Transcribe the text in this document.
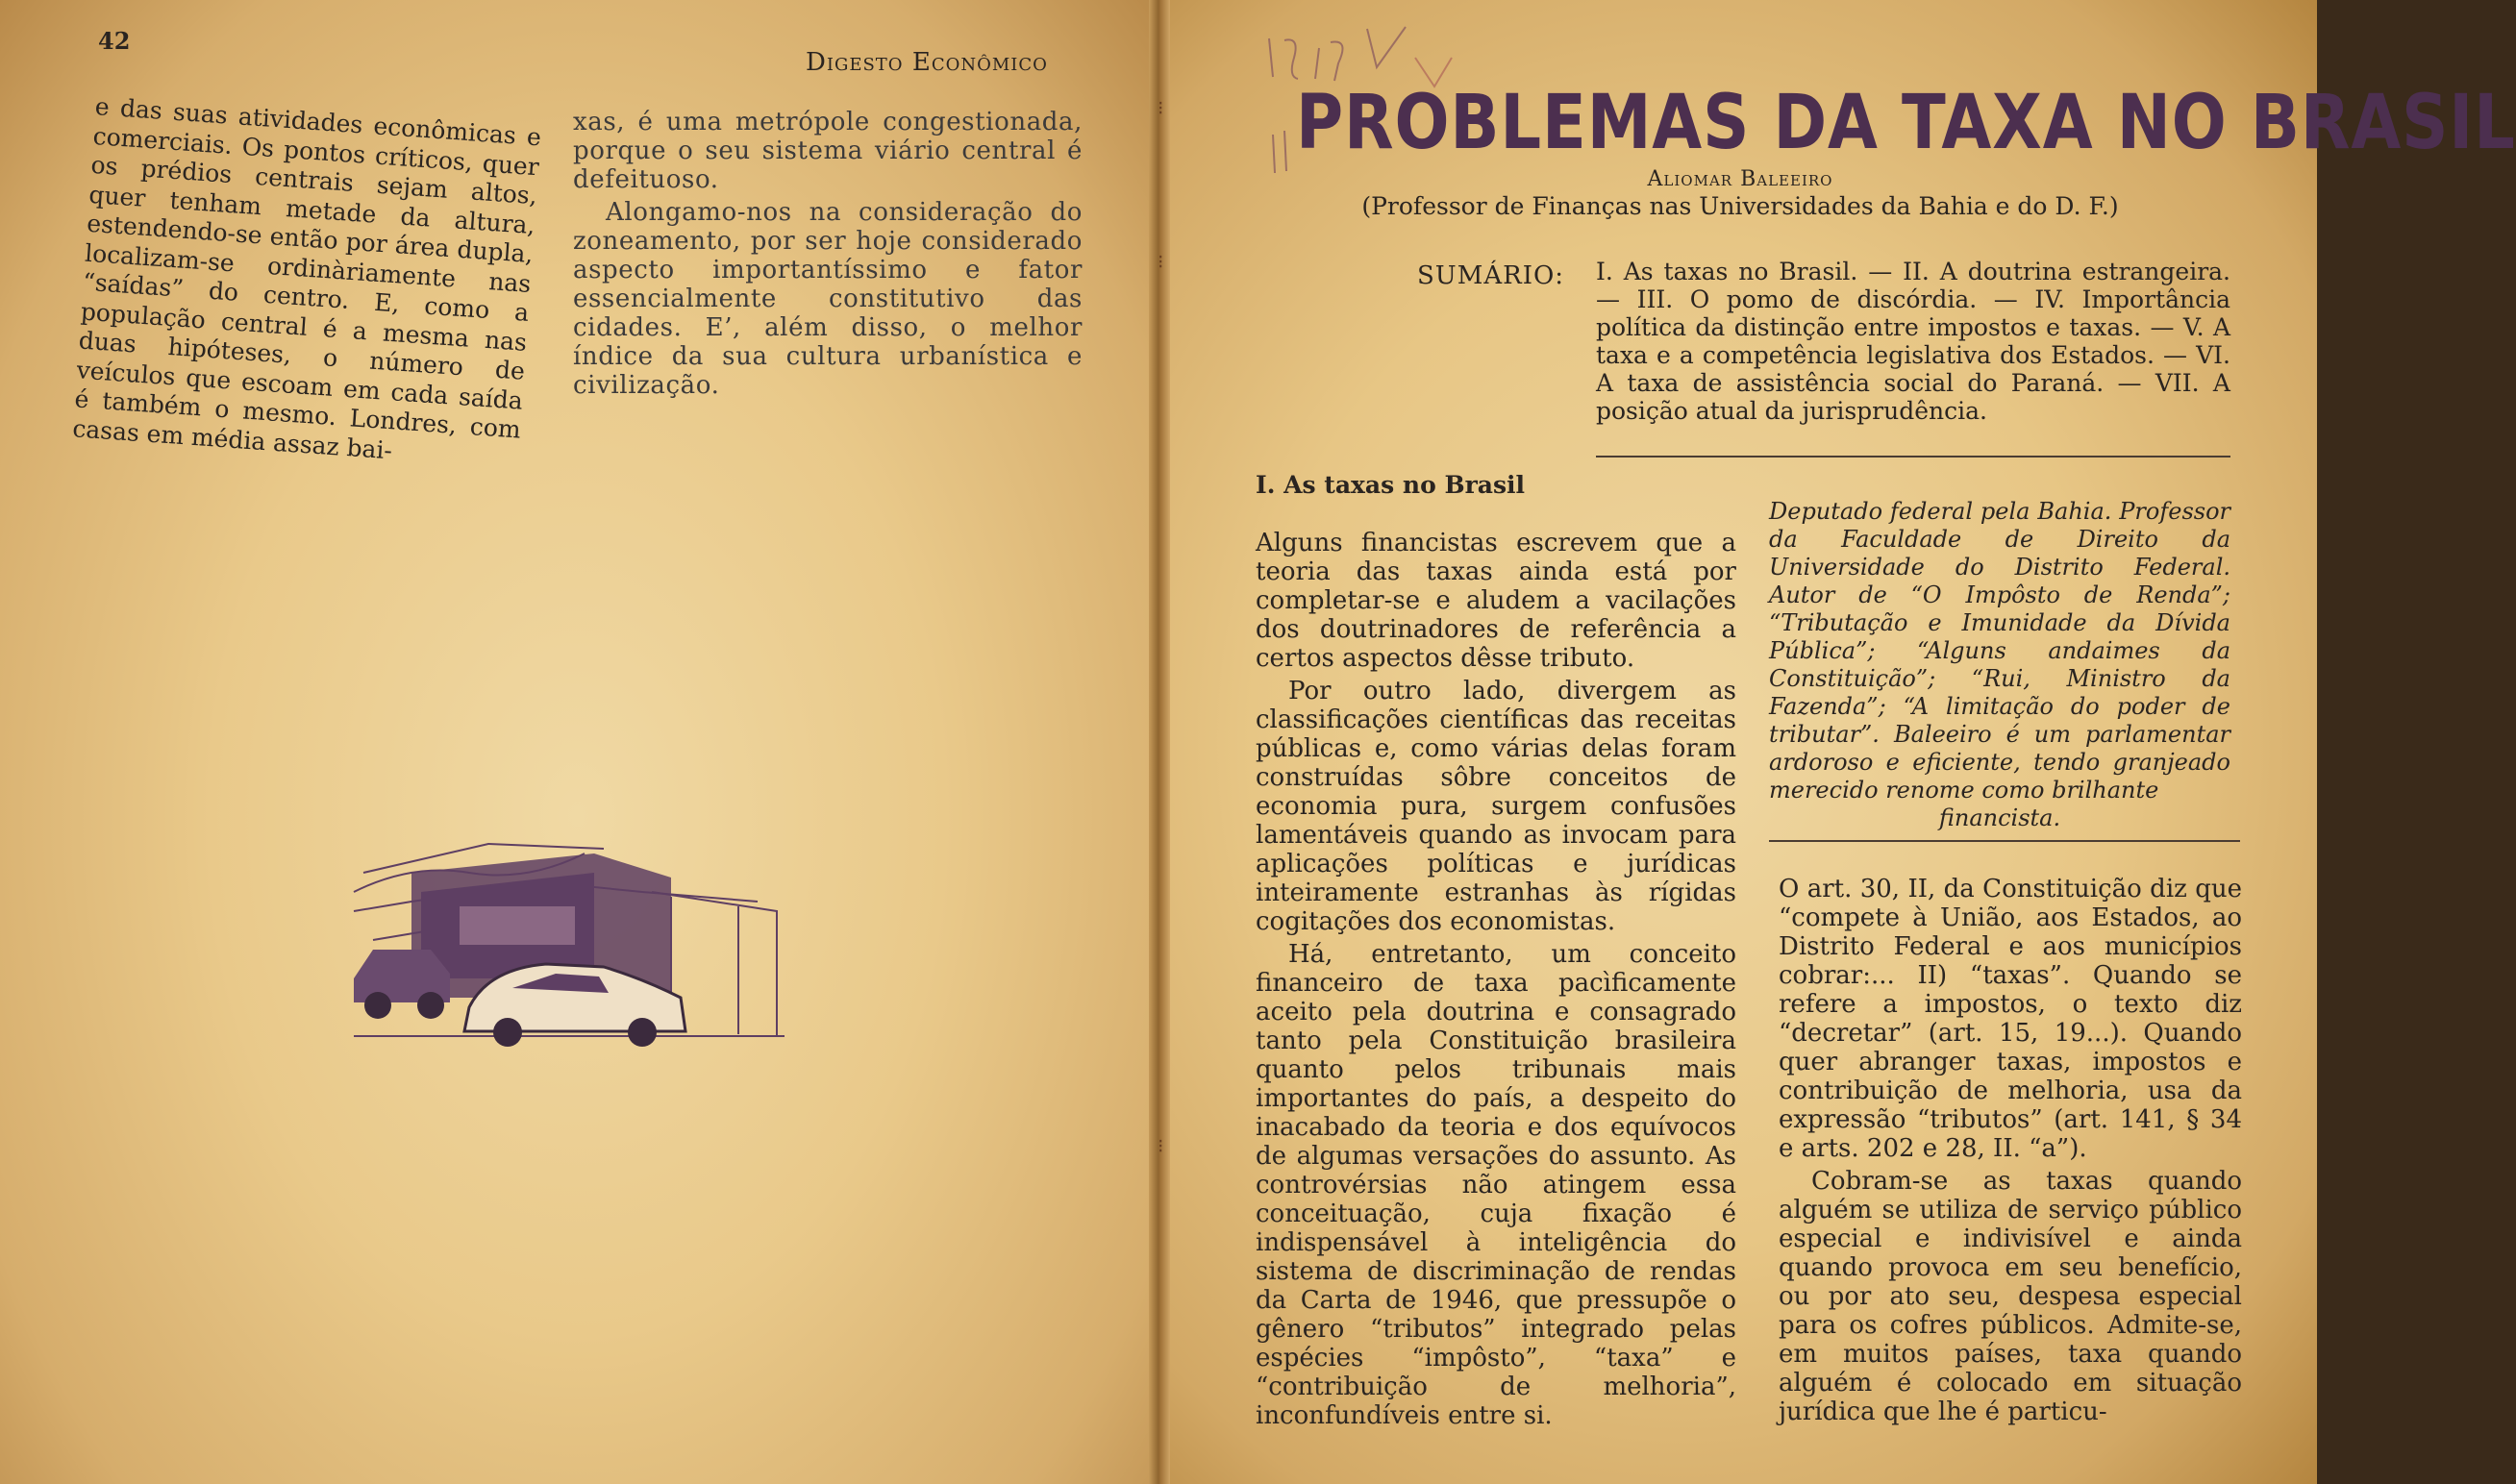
42
Digesto Econômico

e das suas atividades econômicas e comerciais. Os pontos críticos, quer os prédios centrais sejam altos, quer tenham metade da altura, estendendo-se então por área dupla, localizam-se ordinàriamente nas “saídas” do centro. E, como a população central é a mesma nas duas hipóteses, o número de veículos que escoam em cada saída é também o mesmo. Londres, com casas em média assaz bai-

xas, é uma metrópole congestionada, porque o seu sistema viário central é defeituoso.

Alongamo-nos na consideração do zoneamento, por ser hoje considerado aspecto importantíssimo e fator essencialmente constitutivo das cidades. E’, além disso, o melhor índice da sua cultura urbanística e civilização.

PROBLEMAS DA TAXA NO BRASIL
Aliomar Baleeiro
(Professor de Finanças nas Universidades da Bahia e do D. F.)
SUMÁRIO: I. As taxas no Brasil. — II. A doutrina estrangeira. — III. O pomo de discórdia. — IV. Importância política da distinção entre impostos e taxas. — V. A taxa e a competência legislativa dos Estados. — VI. A taxa de assistência social do Paraná. — VII. A posição atual da jurisprudência.
I. As taxas no Brasil

Alguns financistas escrevem que a teoria das taxas ainda está por completar-se e aludem a vacilações dos doutrinadores de referência a certos aspectos dêsse tributo.

Por outro lado, divergem as classificações científicas das receitas públicas e, como várias delas foram construídas sôbre conceitos de economia pura, surgem confusões lamentáveis quando as invocam para aplicações políticas e jurídicas inteiramente estranhas às rígidas cogitações dos economistas.

Há, entretanto, um conceito financeiro de taxa pacìficamente aceito pela doutrina e consagrado tanto pela Constituição brasileira quanto pelos tribunais mais importantes do país, a despeito do inacabado da teoria e dos equívocos de algumas versações do assunto. As controvérsias não atingem essa conceituação, cuja fixação é indispensável à inteligência do sistema de discriminação de rendas da Carta de 1946, que pressupõe o gênero “tributos” integrado pelas espécies “impôsto”, “taxa” e “contribuição de melhoria”, inconfundíveis entre si.

Deputado federal pela Bahia. Professor da Faculdade de Direito da Universidade do Distrito Federal. Autor de “O Impôsto de Renda”; “Tributação e Imunidade da Dívida Pública”; “Alguns andaimes da Constituição”; “Rui, Ministro da Fazenda”; “A limitação do poder de tributar”. Baleeiro é um parlamentar ardoroso e eficiente, tendo granjeado merecido renome como brilhante

financista.

O art. 30, II, da Constituição diz que “compete à União, aos Estados, ao Distrito Federal e aos municípios cobrar:... II) “taxas”. Quando se refere a impostos, o texto diz “decretar” (art. 15, 19...). Quando quer abranger taxas, impostos e contribuição de melhoria, usa da expressão “tributos” (art. 141, § 34 e arts. 202 e 28, II. “a”).

Cobram-se as taxas quando alguém se utiliza de serviço público especial e indivisível e ainda quando provoca em seu benefício, ou por ato seu, despesa especial para os cofres públicos. Admite-se, em muitos países, taxa quando alguém é colocado em situação jurídica que lhe é particu-

⁝
⁝
⁝
